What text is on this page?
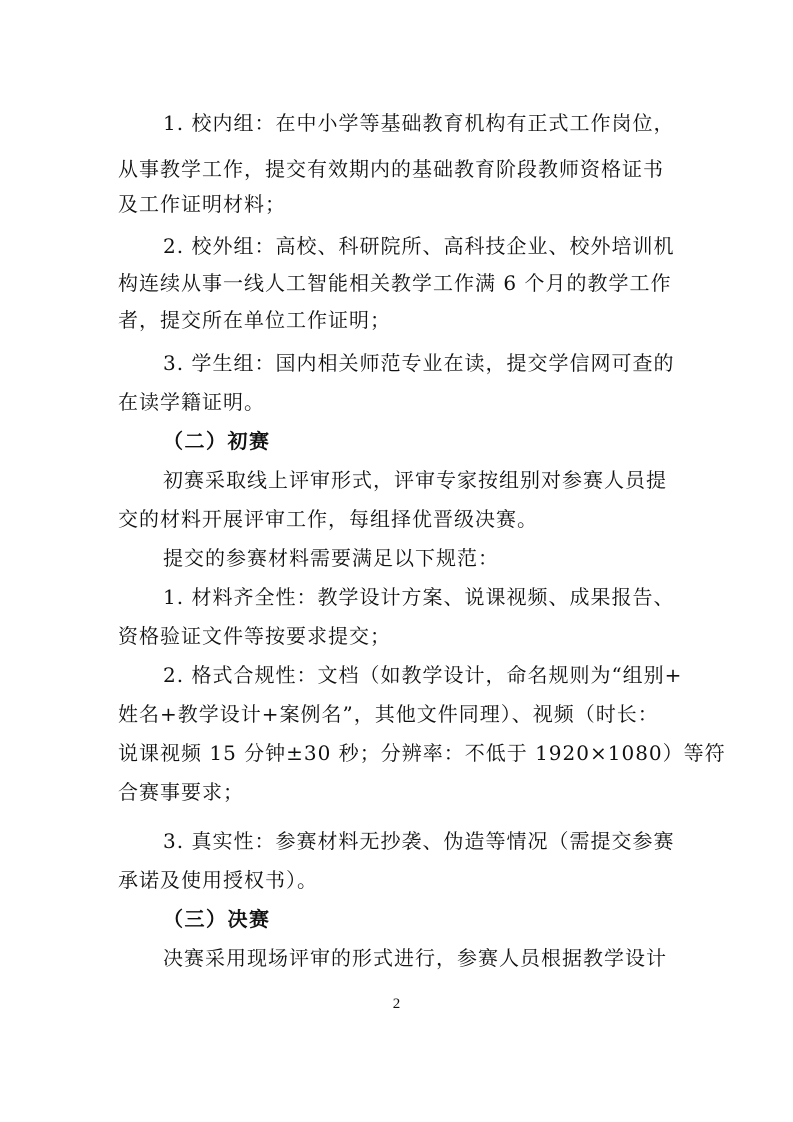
1. 校内组：在中小学等基础教育机构有正式工作岗位，
从事教学工作，提交有效期内的基础教育阶段教师资格证书
及工作证明材料；
2. 校外组：高校、科研院所、高科技企业、校外培训机
构连续从事一线人工智能相关教学工作满 6 个月的教学工作
者，提交所在单位工作证明；
3. 学生组：国内相关师范专业在读，提交学信网可查的
在读学籍证明。
（二）初赛
初赛采取线上评审形式，评审专家按组别对参赛人员提
交的材料开展评审工作，每组择优晋级决赛。
提交的参赛材料需要满足以下规范：
1. 材料齐全性：教学设计方案、说课视频、成果报告、
资格验证文件等按要求提交；
2. 格式合规性：文档（如教学设计，命名规则为“组别+
姓名+教学设计+案例名”，其他文件同理）、视频（时长：
说课视频 15 分钟±30 秒；分辨率：不低于 1920×1080）等符
合赛事要求；
3. 真实性：参赛材料无抄袭、伪造等情况（需提交参赛
承诺及使用授权书）。
（三）决赛
决赛采用现场评审的形式进行，参赛人员根据教学设计
2
